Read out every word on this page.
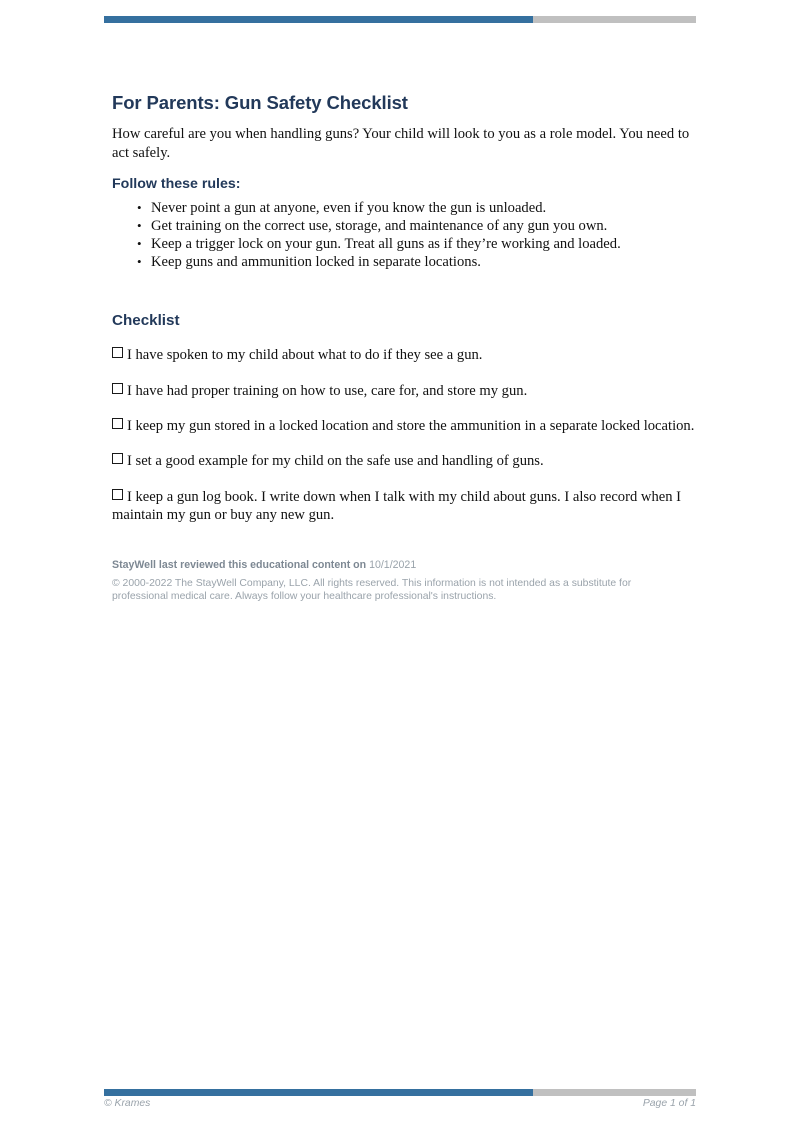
For Parents: Gun Safety Checklist

How careful are you when handling guns? Your child will look to you as a role model. You need to act safely.

Follow these rules:
• Never point a gun at anyone, even if you know the gun is unloaded.
• Get training on the correct use, storage, and maintenance of any gun you own.
• Keep a trigger lock on your gun. Treat all guns as if they’re working and loaded.
• Keep guns and ammunition locked in separate locations.
Checklist
I have spoken to my child about what to do if they see a gun.
I have had proper training on how to use, care for, and store my gun.
I keep my gun stored in a locked location and store the ammunition in a separate locked location.
I set a good example for my child on the safe use and handling of guns.
I keep a gun log book. I write down when I talk with my child about guns. I also record when I maintain my gun or buy any new gun.

StayWell last reviewed this educational content on 10/1/2021

© 2000-2022 The StayWell Company, LLC. All rights reserved. This information is not intended as a substitute for professional medical care. Always follow your healthcare professional's instructions.

© Krames	Page 1 of 1
